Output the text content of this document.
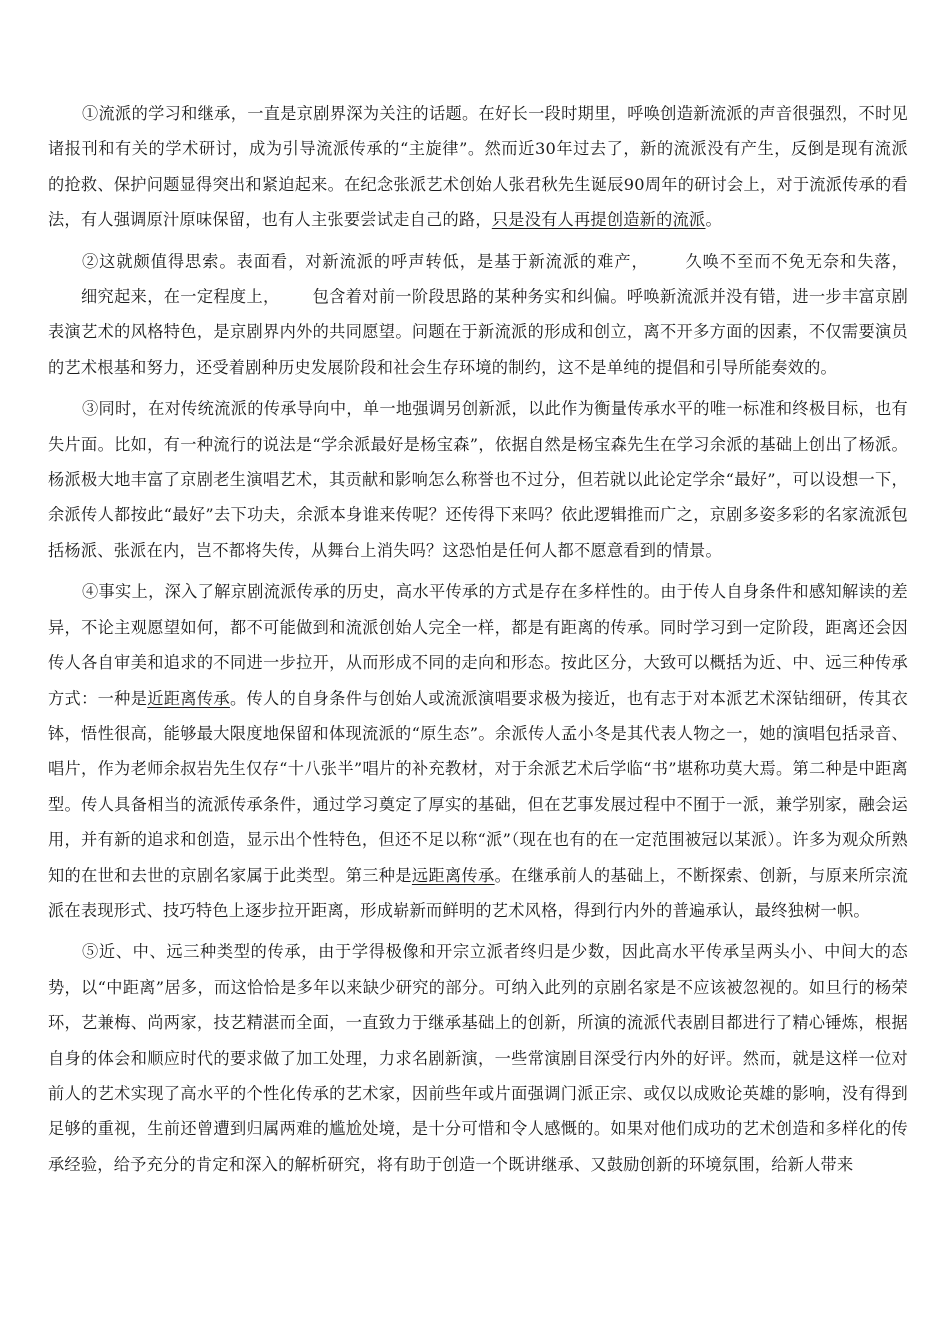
①流派的学习和继承，一直是京剧界深为关注的话题。在好长一段时期里，呼唤创造新流派的声音很强烈，不时见诸报刊和有关的学术研讨，成为引导流派传承的“主旋律”。然而近30年过去了，新的流派没有产生，反倒是现有流派的抢救、保护问题显得突出和紧迫起来。在纪念张派艺术创始人张君秋先生诞辰90周年的研讨会上，对于流派传承的看法，有人强调原汁原味保留，也有人主张要尝试走自己的路，只是没有人再提创造新的流派。

②这就颇值得思索。表面看，对新流派的呼声转低，是基于新流派的难产， 久唤不至而不免无奈和失落，      细究起来，在一定程度上， 包含着对前一阶段思路的某种务实和纠偏。呼唤新流派并没有错，进一步丰富京剧表演艺术的风格特色，是京剧界内外的共同愿望。问题在于新流派的形成和创立，离不开多方面的因素，不仅需要演员的艺术根基和努力，还受着剧种历史发展阶段和社会生存环境的制约，这不是单纯的提倡和引导所能奏效的。

③同时，在对传统流派的传承导向中，单一地强调另创新派，以此作为衡量传承水平的唯一标准和终极目标，也有失片面。比如，有一种流行的说法是“学余派最好是杨宝森”，依据自然是杨宝森先生在学习余派的基础上创出了杨派。杨派极大地丰富了京剧老生演唱艺术，其贡献和影响怎么称誉也不过分，但若就以此论定学余“最好”，可以设想一下，余派传人都按此“最好”去下功夫，余派本身谁来传呢？还传得下来吗？依此逻辑推而广之，京剧多姿多彩的名家流派包括杨派、张派在内，岂不都将失传，从舞台上消失吗？这恐怕是任何人都不愿意看到的情景。

④事实上，深入了解京剧流派传承的历史，高水平传承的方式是存在多样性的。由于传人自身条件和感知解读的差异，不论主观愿望如何，都不可能做到和流派创始人完全一样，都是有距离的传承。同时学习到一定阶段，距离还会因传人各自审美和追求的不同进一步拉开，从而形成不同的走向和形态。按此区分，大致可以概括为近、中、远三种传承方式：一种是近距离传承。传人的自身条件与创始人或流派演唱要求极为接近，也有志于对本派艺术深钻细研，传其衣钵，悟性很高，能够最大限度地保留和体现流派的“原生态”。余派传人孟小冬是其代表人物之一，她的演唱包括录音、唱片，作为老师余叔岩先生仅存“十八张半”唱片的补充教材，对于余派艺术后学临“书”堪称功莫大焉。第二种是中距离型。传人具备相当的流派传承条件，通过学习奠定了厚实的基础，但在艺事发展过程中不囿于一派，兼学别家，融会运用，并有新的追求和创造，显示出个性特色，但还不足以称“派”（现在也有的在一定范围被冠以某派）。许多为观众所熟知的在世和去世的京剧名家属于此类型。第三种是远距离传承。在继承前人的基础上，不断探索、创新，与原来所宗流派在表现形式、技巧特色上逐步拉开距离，形成崭新而鲜明的艺术风格，得到行内外的普遍承认，最终独树一帜。

⑤近、中、远三种类型的传承，由于学得极像和开宗立派者终归是少数，因此高水平传承呈两头小、中间大的态势，以“中距离”居多，而这恰恰是多年以来缺少研究的部分。可纳入此列的京剧名家是不应该被忽视的。如旦行的杨荣环，艺兼梅、尚两家，技艺精湛而全面，一直致力于继承基础上的创新，所演的流派代表剧目都进行了精心锤炼，根据自身的体会和顺应时代的要求做了加工处理，力求名剧新演，一些常演剧目深受行内外的好评。然而，就是这样一位对前人的艺术实现了高水平的个性化传承的艺术家，因前些年或片面强调门派正宗、或仅以成败论英雄的影响，没有得到足够的重视，生前还曾遭到归属两难的尴尬处境，是十分可惜和令人感慨的。如果对他们成功的艺术创造和多样化的传承经验，给予充分的肯定和深入的解析研究，将有助于创造一个既讲继承、又鼓励创新的环境氛围，给新人带来
